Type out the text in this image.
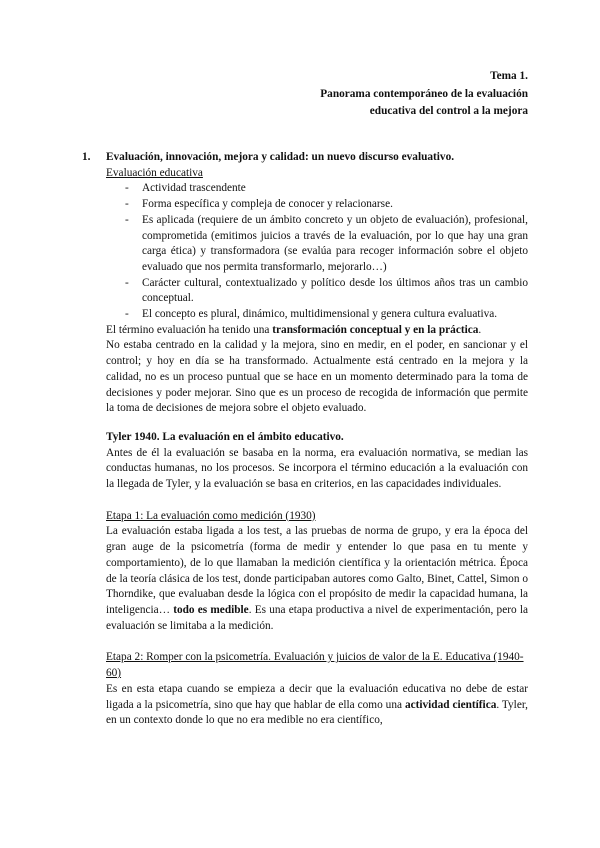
Tema 1.
Panorama contemporáneo de la evaluación
educativa del control a la mejora
1. Evaluación, innovación, mejora y calidad: un nuevo discurso evaluativo.
Evaluación educativa
- Actividad trascendente
- Forma específica y compleja de conocer y relacionarse.
- Es aplicada (requiere de un ámbito concreto y un objeto de evaluación), profesional, comprometida (emitimos juicios a través de la evaluación, por lo que hay una gran carga ética) y transformadora (se evalúa para recoger información sobre el objeto evaluado que nos permita transformarlo, mejorarlo…)
- Carácter cultural, contextualizado y político desde los últimos años tras un cambio conceptual.
- El concepto es plural, dinámico, multidimensional y genera cultura evaluativa.
El término evaluación ha tenido una transformación conceptual y en la práctica.
No estaba centrado en la calidad y la mejora, sino en medir, en el poder, en sancionar y el control; y hoy en día se ha transformado. Actualmente está centrado en la mejora y la calidad, no es un proceso puntual que se hace en un momento determinado para la toma de decisiones y poder mejorar. Sino que es un proceso de recogida de información que permite la toma de decisiones de mejora sobre el objeto evaluado.
Tyler 1940. La evaluación en el ámbito educativo.
Antes de él la evaluación se basaba en la norma, era evaluación normativa, se median las conductas humanas, no los procesos. Se incorpora el término educación a la evaluación con la llegada de Tyler, y la evaluación se basa en criterios, en las capacidades individuales.
Etapa 1: La evaluación como medición (1930)
La evaluación estaba ligada a los test, a las pruebas de norma de grupo, y era la época del gran auge de la psicometría (forma de medir y entender lo que pasa en tu mente y comportamiento), de lo que llamaban la medición científica y la orientación métrica. Época de la teoría clásica de los test, donde participaban autores como Galto, Binet, Cattel, Simon o Thorndike, que evaluaban desde la lógica con el propósito de medir la capacidad humana, la inteligencia… todo es medible. Es una etapa productiva a nivel de experimentación, pero la evaluación se limitaba a la medición.
Etapa 2: Romper con la psicometría. Evaluación y juicios de valor de la E. Educativa (1940-60)
Es en esta etapa cuando se empieza a decir que la evaluación educativa no debe de estar ligada a la psicometría, sino que hay que hablar de ella como una actividad científica. Tyler, en un contexto donde lo que no era medible no era científico,
